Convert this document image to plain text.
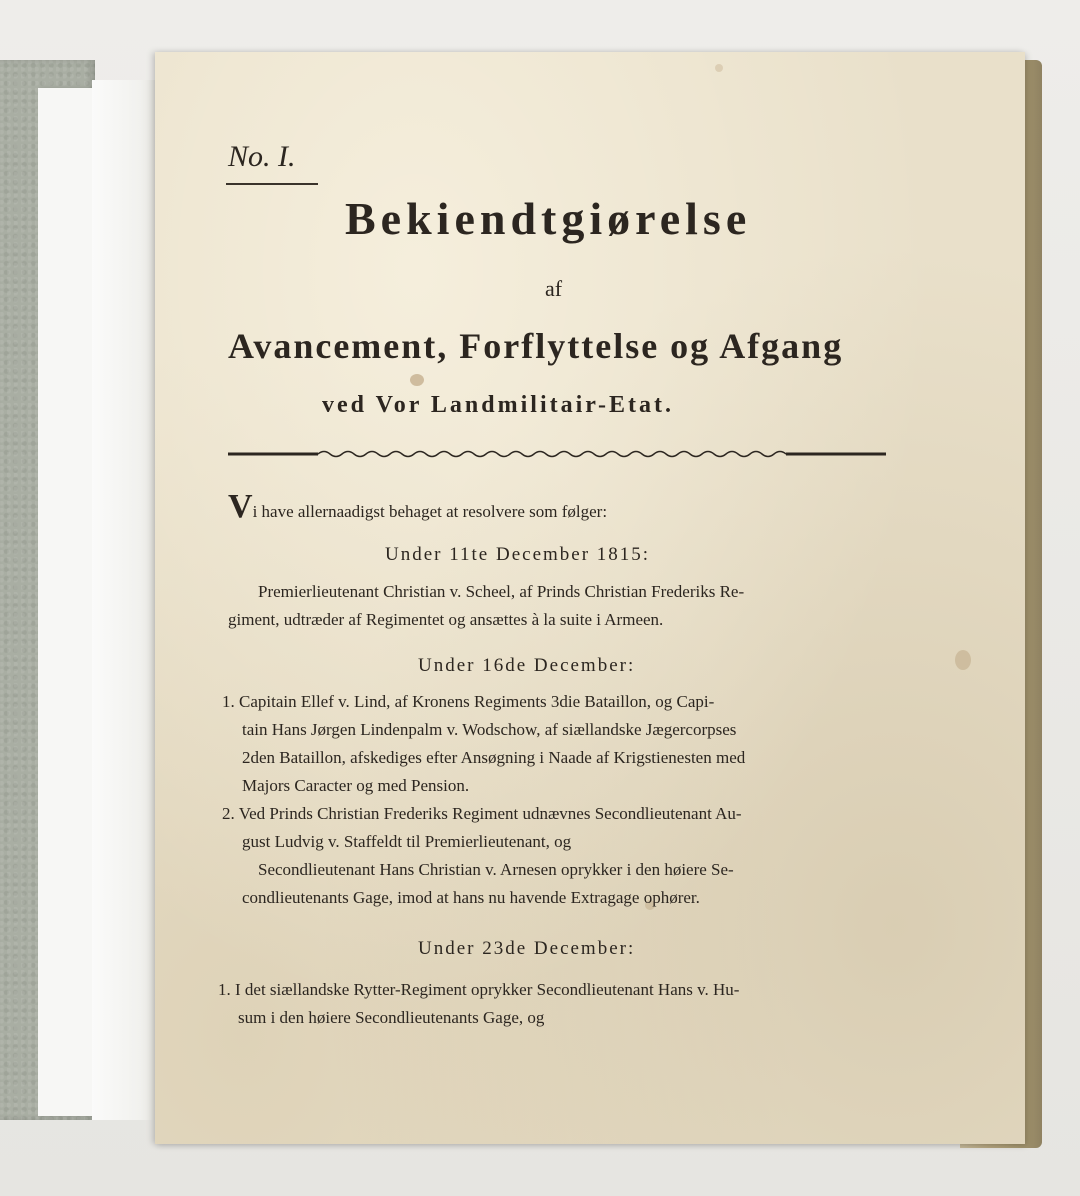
No. I.
Bekiendtgiørelse
af
Avancement, Forflyttelse og Afgang
ved Vor Landmilitair-Etat.
Vi have allernaadigst behaget at resolvere som følger:
Under 11te December 1815:
Premierlieutenant Christian v. Scheel, af Prinds Christian Frederiks Re-
giment, udtræder af Regimentet og ansættes à la suite i Armeen.
Under 16de December:
1. Capitain Ellef v. Lind, af Kronens Regiments 3die Bataillon, og Capi-
tain Hans Jørgen Lindenpalm v. Wodschow, af siællandske Jægercorpses
2den Bataillon, afskediges efter Ansøgning i Naade af Krigstienesten med
Majors Caracter og med Pension.
2. Ved Prinds Christian Frederiks Regiment udnævnes Secondlieutenant Au-
gust Ludvig v. Staffeldt til Premierlieutenant, og
Secondlieutenant Hans Christian v. Arnesen oprykker i den høiere Se-
condlieutenants Gage, imod at hans nu havende Extragage ophører.
Under 23de December:
1. I det siællandske Rytter-Regiment oprykker Secondlieutenant Hans v. Hu-
sum i den høiere Secondlieutenants Gage, og
